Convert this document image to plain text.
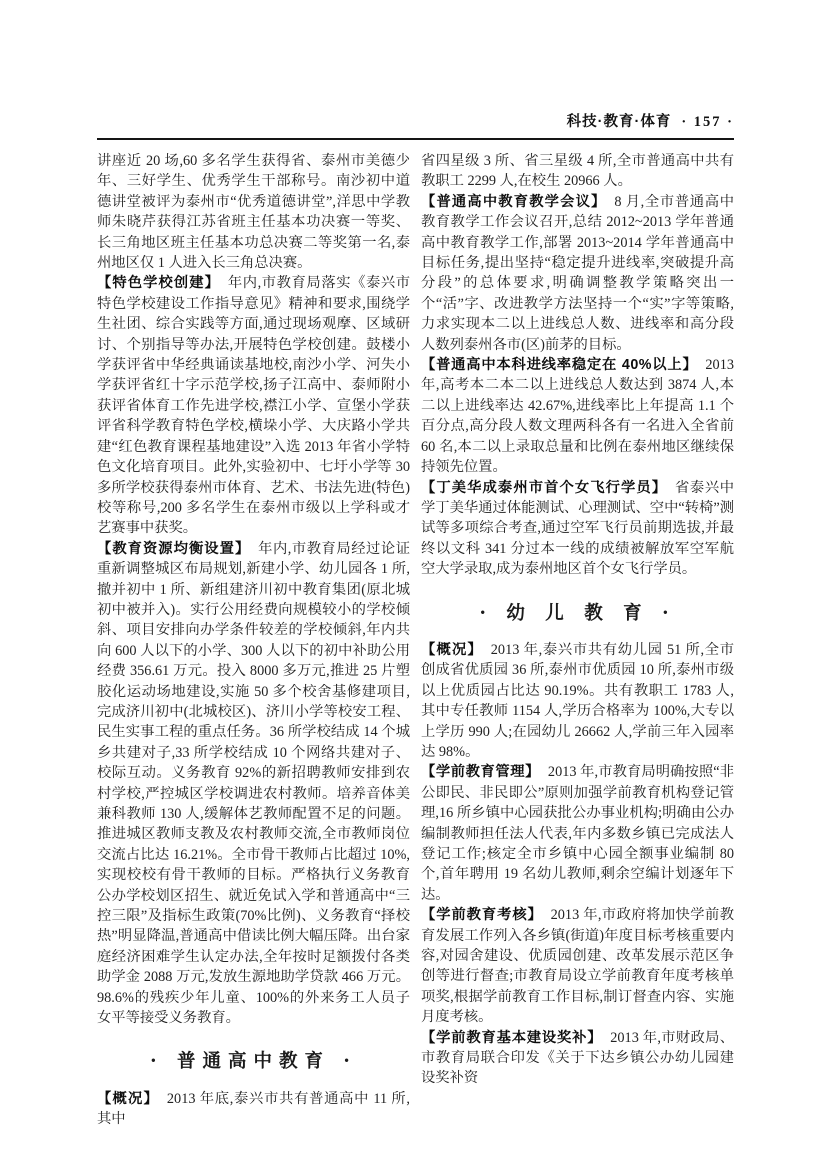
科技·教育·体育 · 157 ·

讲座近 20 场,60 多名学生获得省、泰州市美德少年、三好学生、优秀学生干部称号。南沙初中道德讲堂被评为泰州市“优秀道德讲堂”,洋思中学教师朱晓芹获得江苏省班主任基本功决赛一等奖、长三角地区班主任基本功总决赛二等奖第一名,泰州地区仅 1 人进入长三角总决赛。

【特色学校创建】 年内,市教育局落实《泰兴市特色学校建设工作指导意见》精神和要求,围绕学生社团、综合实践等方面,通过现场观摩、区域研讨、个别指导等办法,开展特色学校创建。鼓楼小学获评省中华经典诵读基地校,南沙小学、河失小学获评省红十字示范学校,扬子江高中、泰师附小获评省体育工作先进学校,襟江小学、宣堡小学获评省科学教育特色学校,横垛小学、大庆路小学共建“红色教育课程基地建设”入选 2013 年省小学特色文化培育项目。此外,实验初中、七圩小学等 30 多所学校获得泰州市体育、艺术、书法先进(特色)校等称号,200 多名学生在泰州市级以上学科或才艺赛事中获奖。

【教育资源均衡设置】 年内,市教育局经过论证重新调整城区布局规划,新建小学、幼儿园各 1 所,撤并初中 1 所、新组建济川初中教育集团(原北城初中被并入)。实行公用经费向规模较小的学校倾斜、项目安排向办学条件较差的学校倾斜,年内共向 600 人以下的小学、300 人以下的初中补助公用经费 356.61 万元。投入 8000 多万元,推进 25 片塑胶化运动场地建设,实施 50 多个校舍基修建项目,完成济川初中(北城校区)、济川小学等校安工程、民生实事工程的重点任务。36 所学校结成 14 个城乡共建对子,33 所学校结成 10 个网络共建对子、校际互动。义务教育 92%的新招聘教师安排到农村学校,严控城区学校调进农村教师。培养音体美兼科教师 130 人,缓解体艺教师配置不足的问题。推进城区教师支教及农村教师交流,全市教师岗位交流占比达 16.21%。全市骨干教师占比超过 10%,实现校校有骨干教师的目标。严格执行义务教育公办学校划区招生、就近免试入学和普通高中“三控三限”及指标生政策(70%比例)、义务教育“择校热”明显降温,普通高中借读比例大幅压降。出台家庭经济困难学生认定办法,全年按时足额拨付各类助学金 2088 万元,发放生源地助学贷款 466 万元。98.6%的残疾少年儿童、100%的外来务工人员子女平等接受义务教育。

· 普通高中教育 ·

【概况】 2013 年底,泰兴市共有普通高中 11 所,其中

省四星级 3 所、省三星级 4 所,全市普通高中共有教职工 2299 人,在校生 20966 人。

【普通高中教育教学会议】 8 月,全市普通高中教育教学工作会议召开,总结 2012~2013 学年普通高中教育教学工作,部署 2013~2014 学年普通高中目标任务,提出坚持“稳定提升进线率,突破提升高分段”的总体要求,明确调整教学策略突出一个“活”字、改进教学方法坚持一个“实”字等策略,力求实现本二以上进线总人数、进线率和高分段人数列泰州各市(区)前茅的目标。

【普通高中本科进线率稳定在 40%以上】 2013 年,高考本二本二以上进线总人数达到 3874 人,本二以上进线率达 42.67%,进线率比上年提高 1.1 个百分点,高分段人数文理两科各有一名进入全省前 60 名,本二以上录取总量和比例在泰州地区继续保持领先位置。

【丁美华成泰州市首个女飞行学员】 省泰兴中学丁美华通过体能测试、心理测试、空中“转椅”测试等多项综合考查,通过空军飞行员前期选拔,并最终以文科 341 分过本一线的成绩被解放军空军航空大学录取,成为泰州地区首个女飞行学员。

· 幼 儿 教 育 ·

【概况】 2013 年,泰兴市共有幼儿园 51 所,全市创成省优质园 36 所,泰州市优质园 10 所,泰州市级以上优质园占比达 90.19%。共有教职工 1783 人,其中专任教师 1154 人,学历合格率为 100%,大专以上学历 990 人;在园幼儿 26662 人,学前三年入园率达 98%。

【学前教育管理】 2013 年,市教育局明确按照“非公即民、非民即公”原则加强学前教育机构登记管理,16 所乡镇中心园获批公办事业机构;明确由公办编制教师担任法人代表,年内多数乡镇已完成法人登记工作;核定全市乡镇中心园全额事业编制 80 个,首年聘用 19 名幼儿教师,剩余空编计划逐年下达。

【学前教育考核】 2013 年,市政府将加快学前教育发展工作列入各乡镇(街道)年度目标考核重要内容,对园舍建设、优质园创建、改革发展示范区争创等进行督查;市教育局设立学前教育年度考核单项奖,根据学前教育工作目标,制订督查内容、实施月度考核。

【学前教育基本建设奖补】 2013 年,市财政局、市教育局联合印发《关于下达乡镇公办幼儿园建设奖补资
